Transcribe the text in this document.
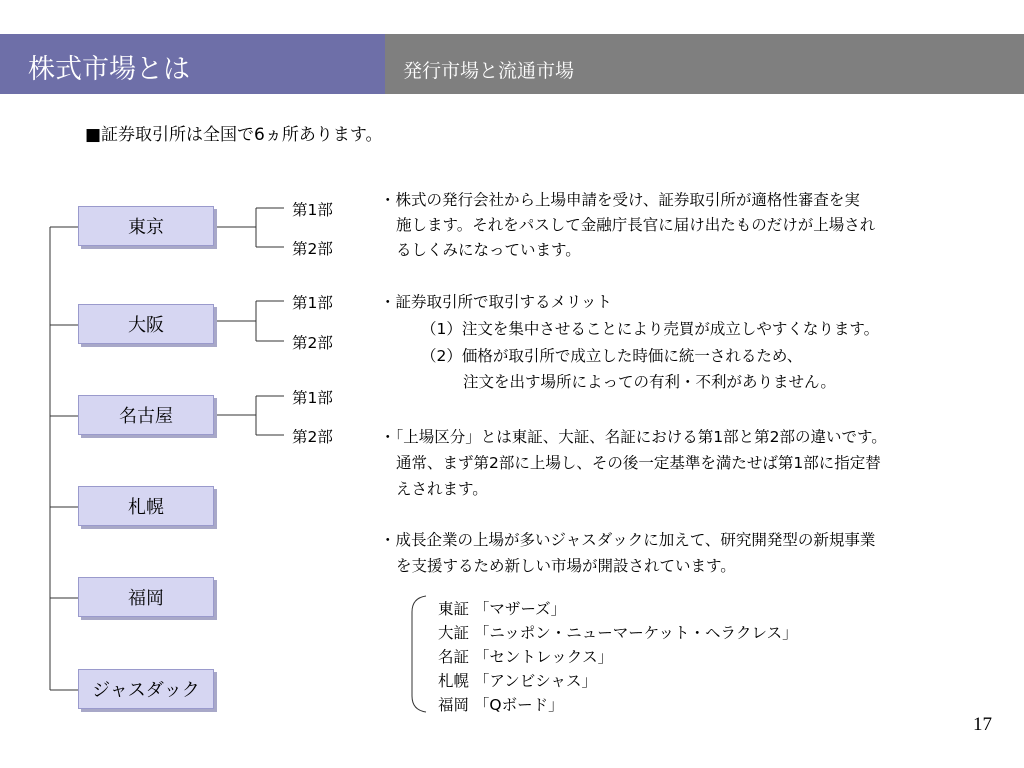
株式市場とは	発行市場と流通市場
■証券取引所は全国で6ヵ所あります。
東京
大阪
名古屋
札幌
福岡
ジャスダック
第1部
第2部
第1部
第2部
第1部
第2部
・株式の発行会社から上場申請を受け、証券取引所が適格性審査を実
施します。それをパスして金融庁長官に届け出たものだけが上場され
るしくみになっています。
・証券取引所で取引するメリット
（1）注文を集中させることにより売買が成立しやすくなります。
（2）価格が取引所で成立した時価に統一されるため、
注文を出す場所によっての有利・不利がありません。
・「上場区分」とは東証、大証、名証における第1部と第2部の違いです。
通常、まず第2部に上場し、その後一定基準を満たせば第1部に指定替
えされます。
・成長企業の上場が多いジャスダックに加えて、研究開発型の新規事業
を支援するため新しい市場が開設されています。
東証 「マザーズ」
大証 「ニッポン・ニューマーケット・ヘラクレス」
名証 「セントレックス」
札幌 「アンビシャス」
福岡 「Qボード」
17
